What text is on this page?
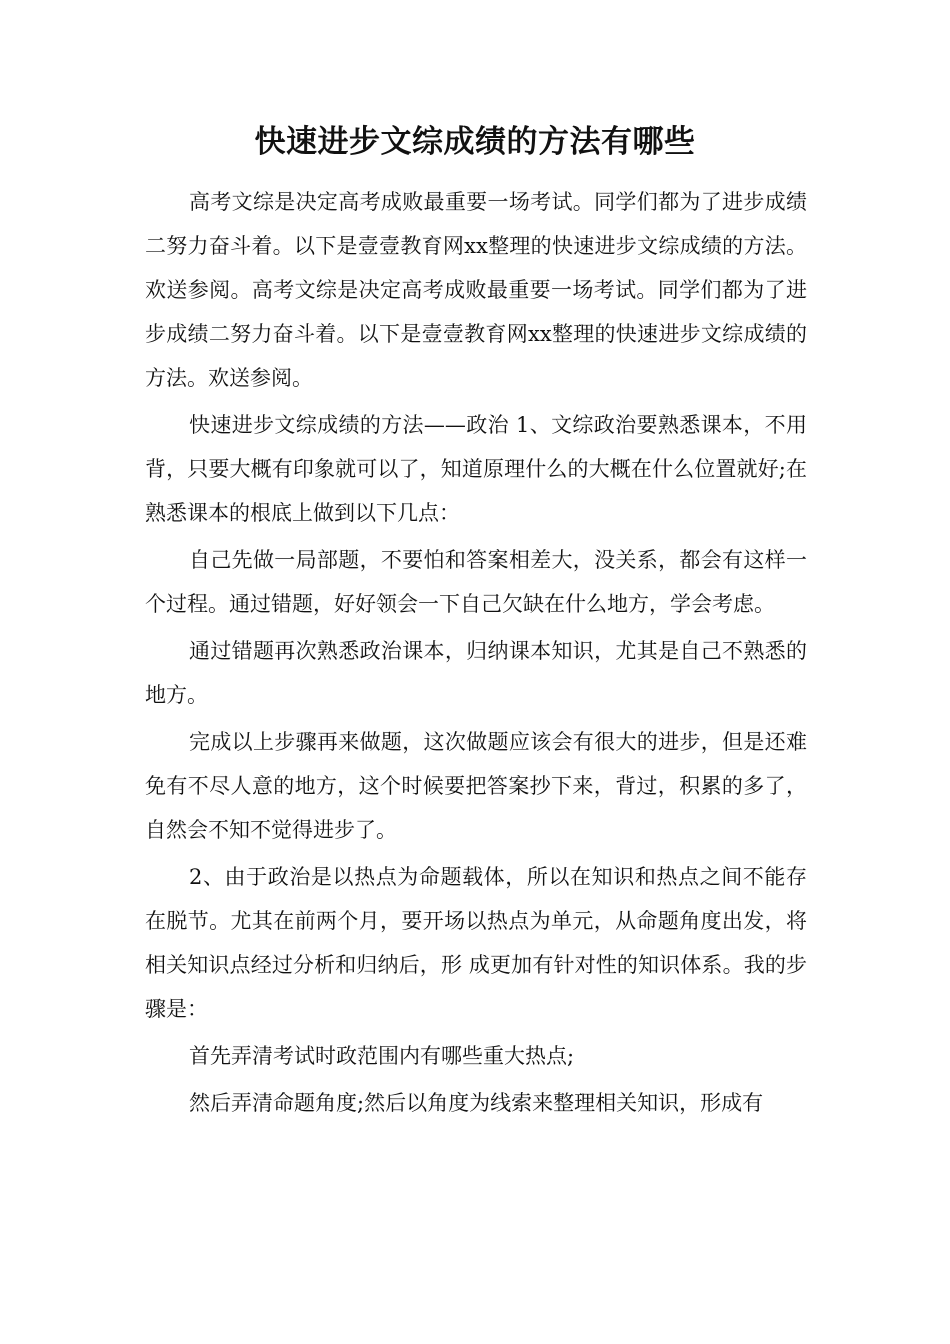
快速进步文综成绩的方法有哪些

高考文综是决定高考成败最重要一场考试。同学们都为了进步成绩二努力奋斗着。以下是壹壹教育网xx整理的快速进步文综成绩的方法。欢送参阅。高考文综是决定高考成败最重要一场考试。同学们都为了进步成绩二努力奋斗着。以下是壹壹教育网xx整理的快速进步文综成绩的方法。欢送参阅。

快速进步文综成绩的方法——政治 1、文综政治要熟悉课本，不用背，只要大概有印象就可以了，知道原理什么的大概在什么位置就好;在熟悉课本的根底上做到以下几点：

自己先做一局部题，不要怕和答案相差大，没关系，都会有这样一个过程。通过错题，好好领会一下自己欠缺在什么地方，学会考虑。

通过错题再次熟悉政治课本，归纳课本知识，尤其是自己不熟悉的地方。

完成以上步骤再来做题，这次做题应该会有很大的进步，但是还难免有不尽人意的地方，这个时候要把答案抄下来，背过，积累的多了，自然会不知不觉得进步了。

2、由于政治是以热点为命题载体，所以在知识和热点之间不能存在脱节。尤其在前两个月，要开场以热点为单元，从命题角度出发，将相关知识点经过分析和归纳后，形 成更加有针对性的知识体系。我的步骤是：

首先弄清考试时政范围内有哪些重大热点;

然后弄清命题角度;然后以角度为线索来整理相关知识，形成有
